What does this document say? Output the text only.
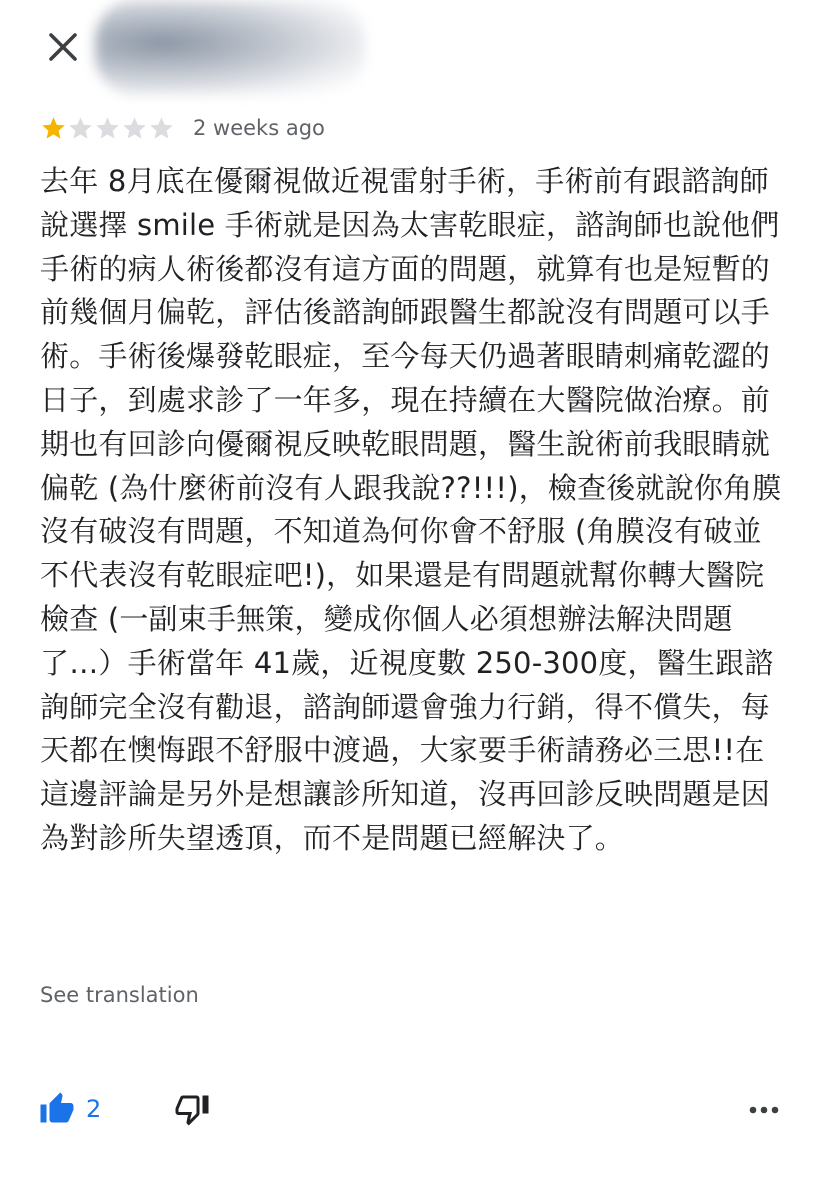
2 weeks ago
去年 8月底在優爾視做近視雷射手術，手術前有跟諮詢師說選擇 smile 手術就是因為太害乾眼症，諮詢師也說他們手術的病人術後都沒有這方面的問題，就算有也是短暫的前幾個月偏乾，評估後諮詢師跟醫生都說沒有問題可以手術。手術後爆發乾眼症，至今每天仍過著眼睛刺痛乾澀的日子，到處求診了一年多，現在持續在大醫院做治療。前期也有回診向優爾視反映乾眼問題，醫生說術前我眼睛就偏乾 (為什麼術前沒有人跟我說??!!!)，檢查後就說你角膜沒有破沒有問題，不知道為何你會不舒服 (角膜沒有破並不代表沒有乾眼症吧!)，如果還是有問題就幫你轉大醫院檢查 (一副束手無策，變成你個人必須想辦法解決問題了…）手術當年 41歲，近視度數 250-300度，醫生跟諮詢師完全沒有勸退，諮詢師還會強力行銷，得不償失，每天都在懊悔跟不舒服中渡過，大家要手術請務必三思!!在這邊評論是另外是想讓診所知道，沒再回診反映問題是因為對診所失望透頂，而不是問題已經解決了。
See translation
2
